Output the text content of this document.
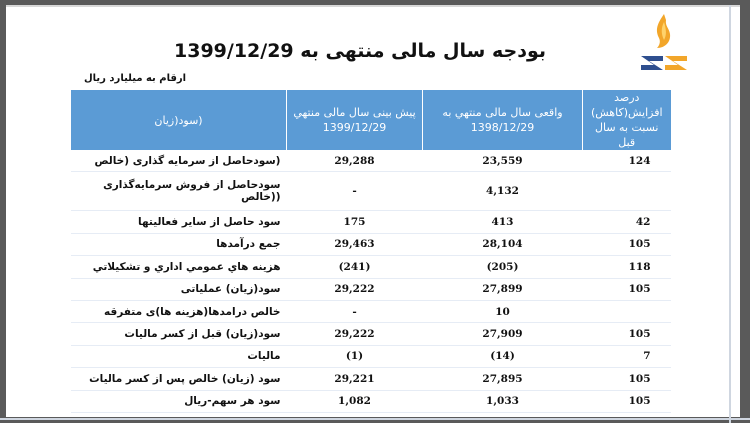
بودجه سال مالی منتهی به 1399/12/29
ارقام به میلیارد ریال
درصد افزايش(کاهش) نسبت به سال قبل	واقعی سال مالی منتهي به 1398/12/29	پیش بینی سال مالی منتهي 1399/12/29	(سود(زيان
124	23,559	29,288	(سودحاصل از سرمايه گذاری (خالص
	4,132	-	سودحاصل از فروش سرمایه‌گذاری ((خالص
42	413	175	سود حاصل از ساير فعاليتها
105	28,104	29,463	جمع درآمدها
118	(205)	(241)	هزينه هاي عمومي اداري و تشکيلاتي
105	27,899	29,222	سود(زيان) عملياتی
	10	-	خالص درامدها(هزينه ها)ی متفرقه
105	27,909	29,222	سود(زيان) قبل از کسر ماليات
7	(14)	(1)	ماليات
105	27,895	29,221	سود (زيان) خالص پس از کسر ماليات
105	1,033	1,082	سود هر سهم-ريال
